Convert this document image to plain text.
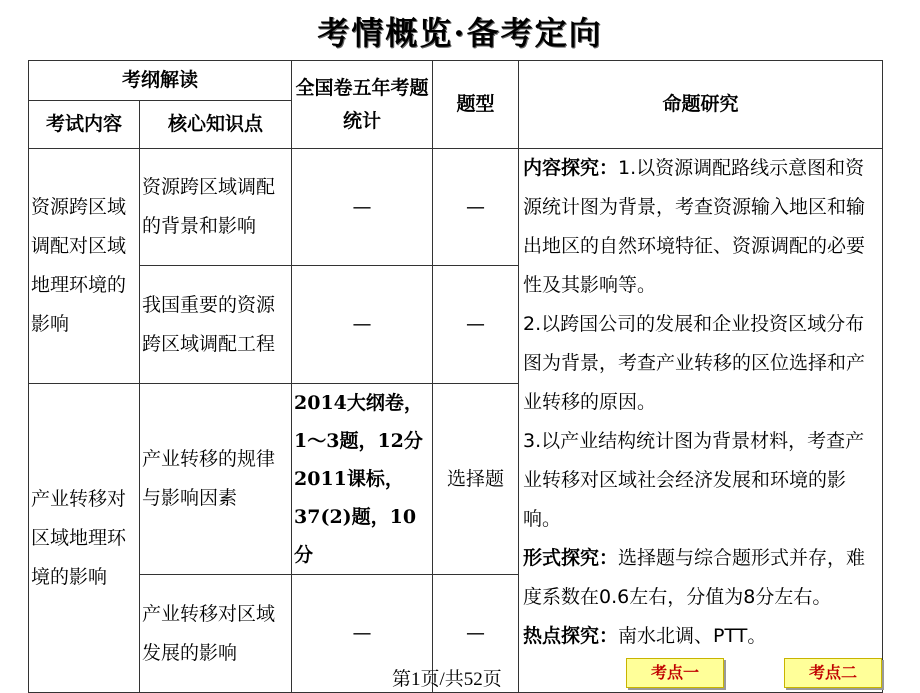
考情概览·备考定向
考纲解读		全国卷五年考题统计	题型	命题研究
考试内容	核心知识点			
资源跨区域调配对区域地理环境的影响	资源跨区域调配的背景和影响	—	—	内容探究：1.以资源调配路线示意图和资源统计图为背景，考查资源输入地区和输出地区的自然环境特征、资源调配的必要性及其影响等。
2.以跨国公司的发展和企业投资区域分布图为背景，考查产业转移的区位选择和产业转移的原因。
3.以产业结构统计图为背景材料，考查产业转移对区域社会经济发展和环境的影响。
形式探究：选择题与综合题形式并存，难度系数在0.6左右，分值为8分左右。
热点探究：南水北调、PTT。
	我国重要的资源跨区域调配工程	—	—	
产业转移对区域地理环境的影响	产业转移的规律与影响因素	2014大纲卷，
1～3题，12分
2011课标，
37(2)题，10分	选择题	
	产业转移对区域发展的影响	—	—	
第1页/共52页	考点一	考点二
